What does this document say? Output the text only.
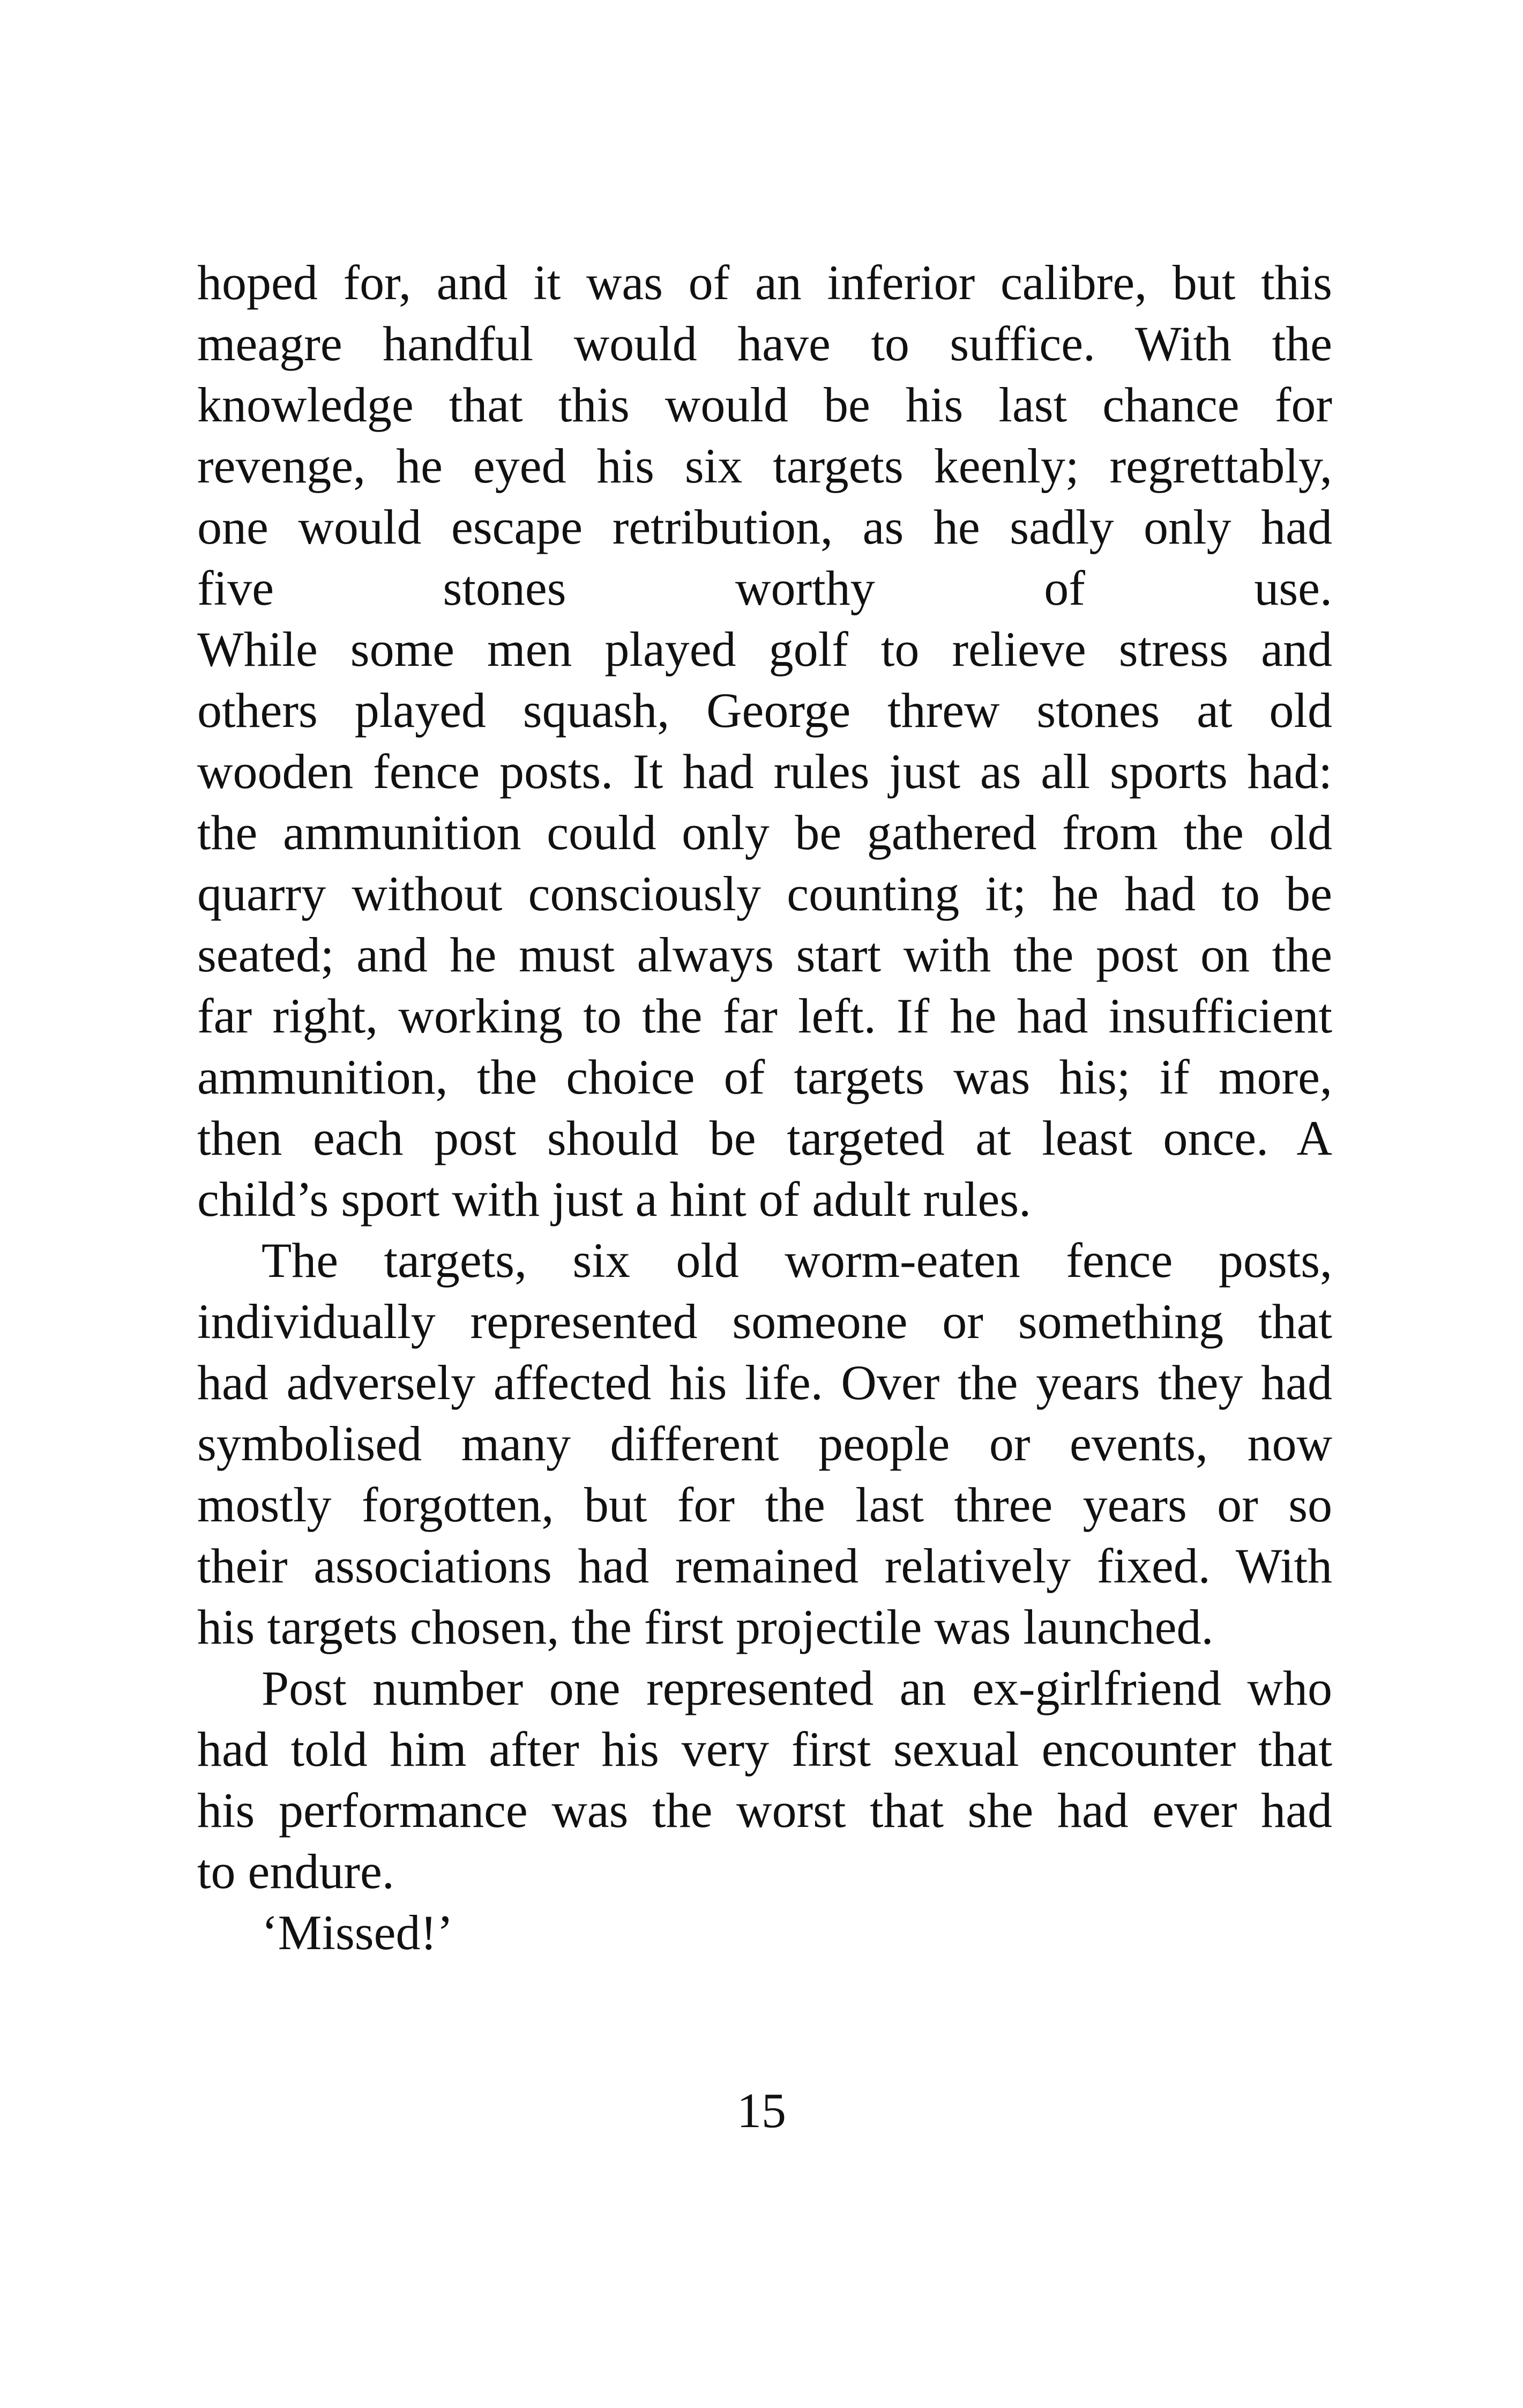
hoped for, and it was of an inferior calibre, but this
meagre handful would have to suffice. With the
knowledge that this would be his last chance for
revenge, he eyed his six targets keenly; regrettably,
one would escape retribution, as he sadly only had
five stones worthy of use.
While some men played golf to relieve stress and
others played squash, George threw stones at old
wooden fence posts. It had rules just as all sports had:
the ammunition could only be gathered from the old
quarry without consciously counting it; he had to be
seated; and he must always start with the post on the
far right, working to the far left. If he had insufficient
ammunition, the choice of targets was his; if more,
then each post should be targeted at least once. A
child’s sport with just a hint of adult rules.
The targets, six old worm-eaten fence posts,
individually represented someone or something that
had adversely affected his life. Over the years they had
symbolised many different people or events, now
mostly forgotten, but for the last three years or so
their associations had remained relatively fixed. With
his targets chosen, the first projectile was launched.
Post number one represented an ex-girlfriend who
had told him after his very first sexual encounter that
his performance was the worst that she had ever had
to endure.
‘Missed!’
15
